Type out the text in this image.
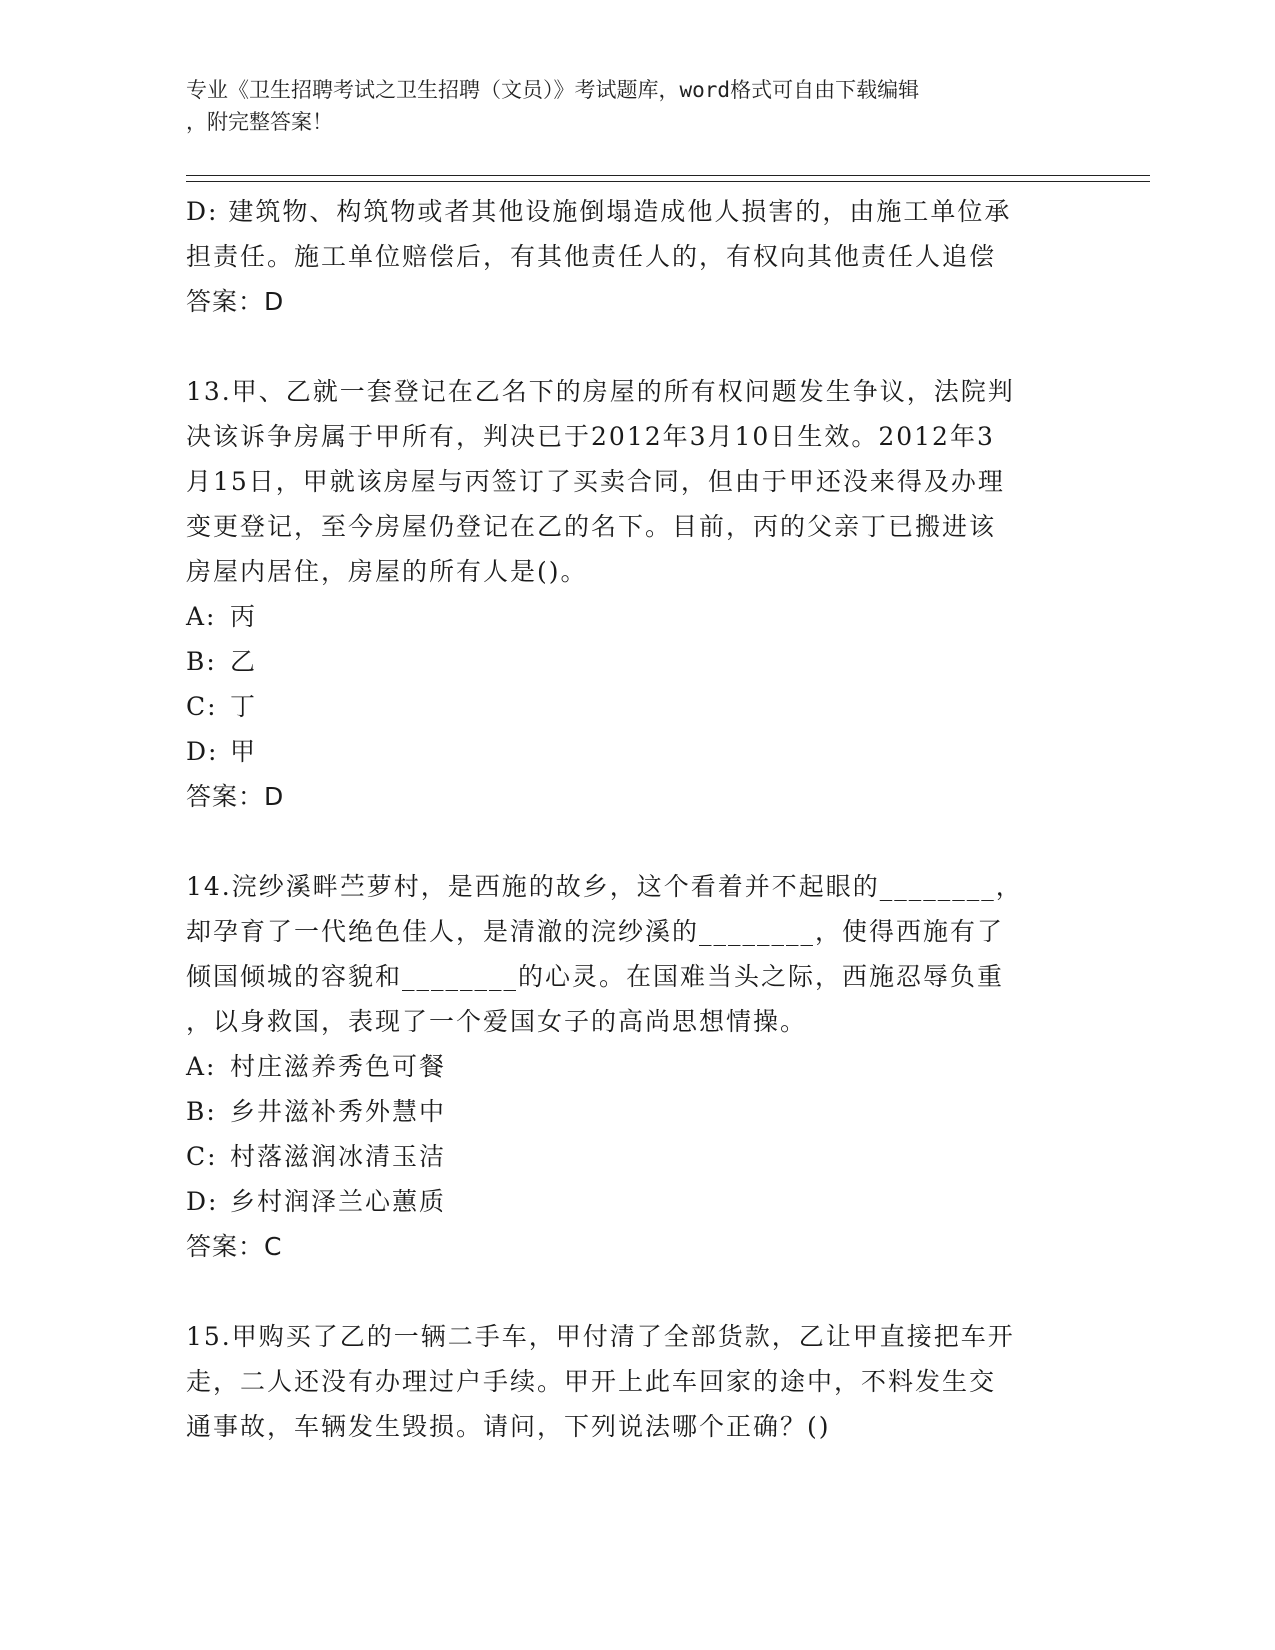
专业《卫生招聘考试之卫生招聘（文员）》考试题库，word格式可自由下载编辑
，附完整答案！
D: 建筑物、构筑物或者其他设施倒塌造成他人损害的，由施工单位承
担责任。施工单位赔偿后，有其他责任人的，有权向其他责任人追偿
答案：D
13.甲、乙就一套登记在乙名下的房屋的所有权问题发生争议，法院判
决该诉争房属于甲所有，判决已于2012年3月10日生效。2012年3
月15日，甲就该房屋与丙签订了买卖合同，但由于甲还没来得及办理
变更登记，至今房屋仍登记在乙的名下。目前，丙的父亲丁已搬进该
房屋内居住，房屋的所有人是()。
A: 丙
B: 乙
C: 丁
D: 甲
答案：D
14.浣纱溪畔苎萝村，是西施的故乡，这个看着并不起眼的________，
却孕育了一代绝色佳人，是清澈的浣纱溪的________，使得西施有了
倾国倾城的容貌和________的心灵。在国难当头之际，西施忍辱负重
，以身救国，表现了一个爱国女子的高尚思想情操。
A: 村庄滋养秀色可餐
B: 乡井滋补秀外慧中
C: 村落滋润冰清玉洁
D: 乡村润泽兰心蕙质
答案：C
15.甲购买了乙的一辆二手车，甲付清了全部货款，乙让甲直接把车开
走，二人还没有办理过户手续。甲开上此车回家的途中，不料发生交
通事故，车辆发生毁损。请问，下列说法哪个正确？()
